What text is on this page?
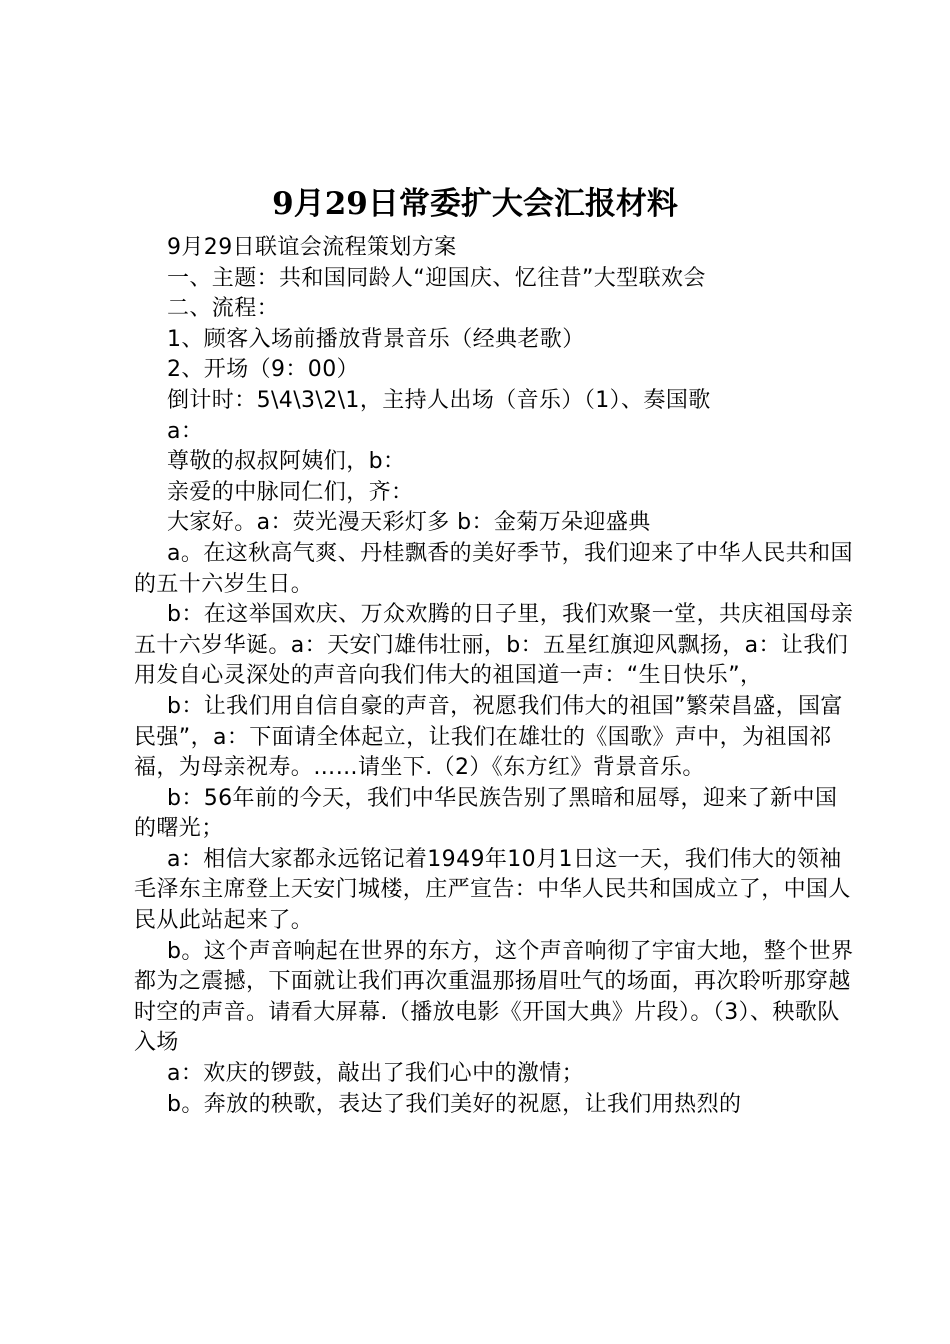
9月29日常委扩大会汇报材料

9月29日联谊会流程策划方案

一、主题：共和国同龄人“迎国庆、忆往昔”大型联欢会

二、流程：

1、顾客入场前播放背景音乐（经典老歌）

2、开场（9：00）

倒计时：5\4\3\2\1，主持人出场（音乐）（1）、奏国歌

a：

尊敬的叔叔阿姨们，b：

亲爱的中脉同仁们，齐：

大家好。a：荧光漫天彩灯多 b：金菊万朵迎盛典

a。在这秋高气爽、丹桂飘香的美好季节，我们迎来了中华人民共和国的五十六岁生日。

b：在这举国欢庆、万众欢腾的日子里，我们欢聚一堂，共庆祖国母亲五十六岁华诞。a：天安门雄伟壮丽，b：五星红旗迎风飘扬，a：让我们用发自心灵深处的声音向我们伟大的祖国道一声：“生日快乐”，

b：让我们用自信自豪的声音，祝愿我们伟大的祖国”繁荣昌盛，国富民强”，a：下面请全体起立，让我们在雄壮的《国歌》声中，为祖国祁福，为母亲祝寿。……请坐下.（2）《东方红》背景音乐。

b：56年前的今天，我们中华民族告别了黑暗和屈辱，迎来了新中国的曙光；

a：相信大家都永远铭记着1949年10月1日这一天，我们伟大的领袖毛泽东主席登上天安门城楼，庄严宣告：中华人民共和国成立了，中国人民从此站起来了。

b。这个声音响起在世界的东方，这个声音响彻了宇宙大地，整个世界都为之震撼，下面就让我们再次重温那扬眉吐气的场面，再次聆听那穿越时空的声音。请看大屏幕.（播放电影《开国大典》片段）。（3）、秧歌队入场

a：欢庆的锣鼓，敲出了我们心中的激情；

b。奔放的秧歌，表达了我们美好的祝愿，让我们用热烈的
